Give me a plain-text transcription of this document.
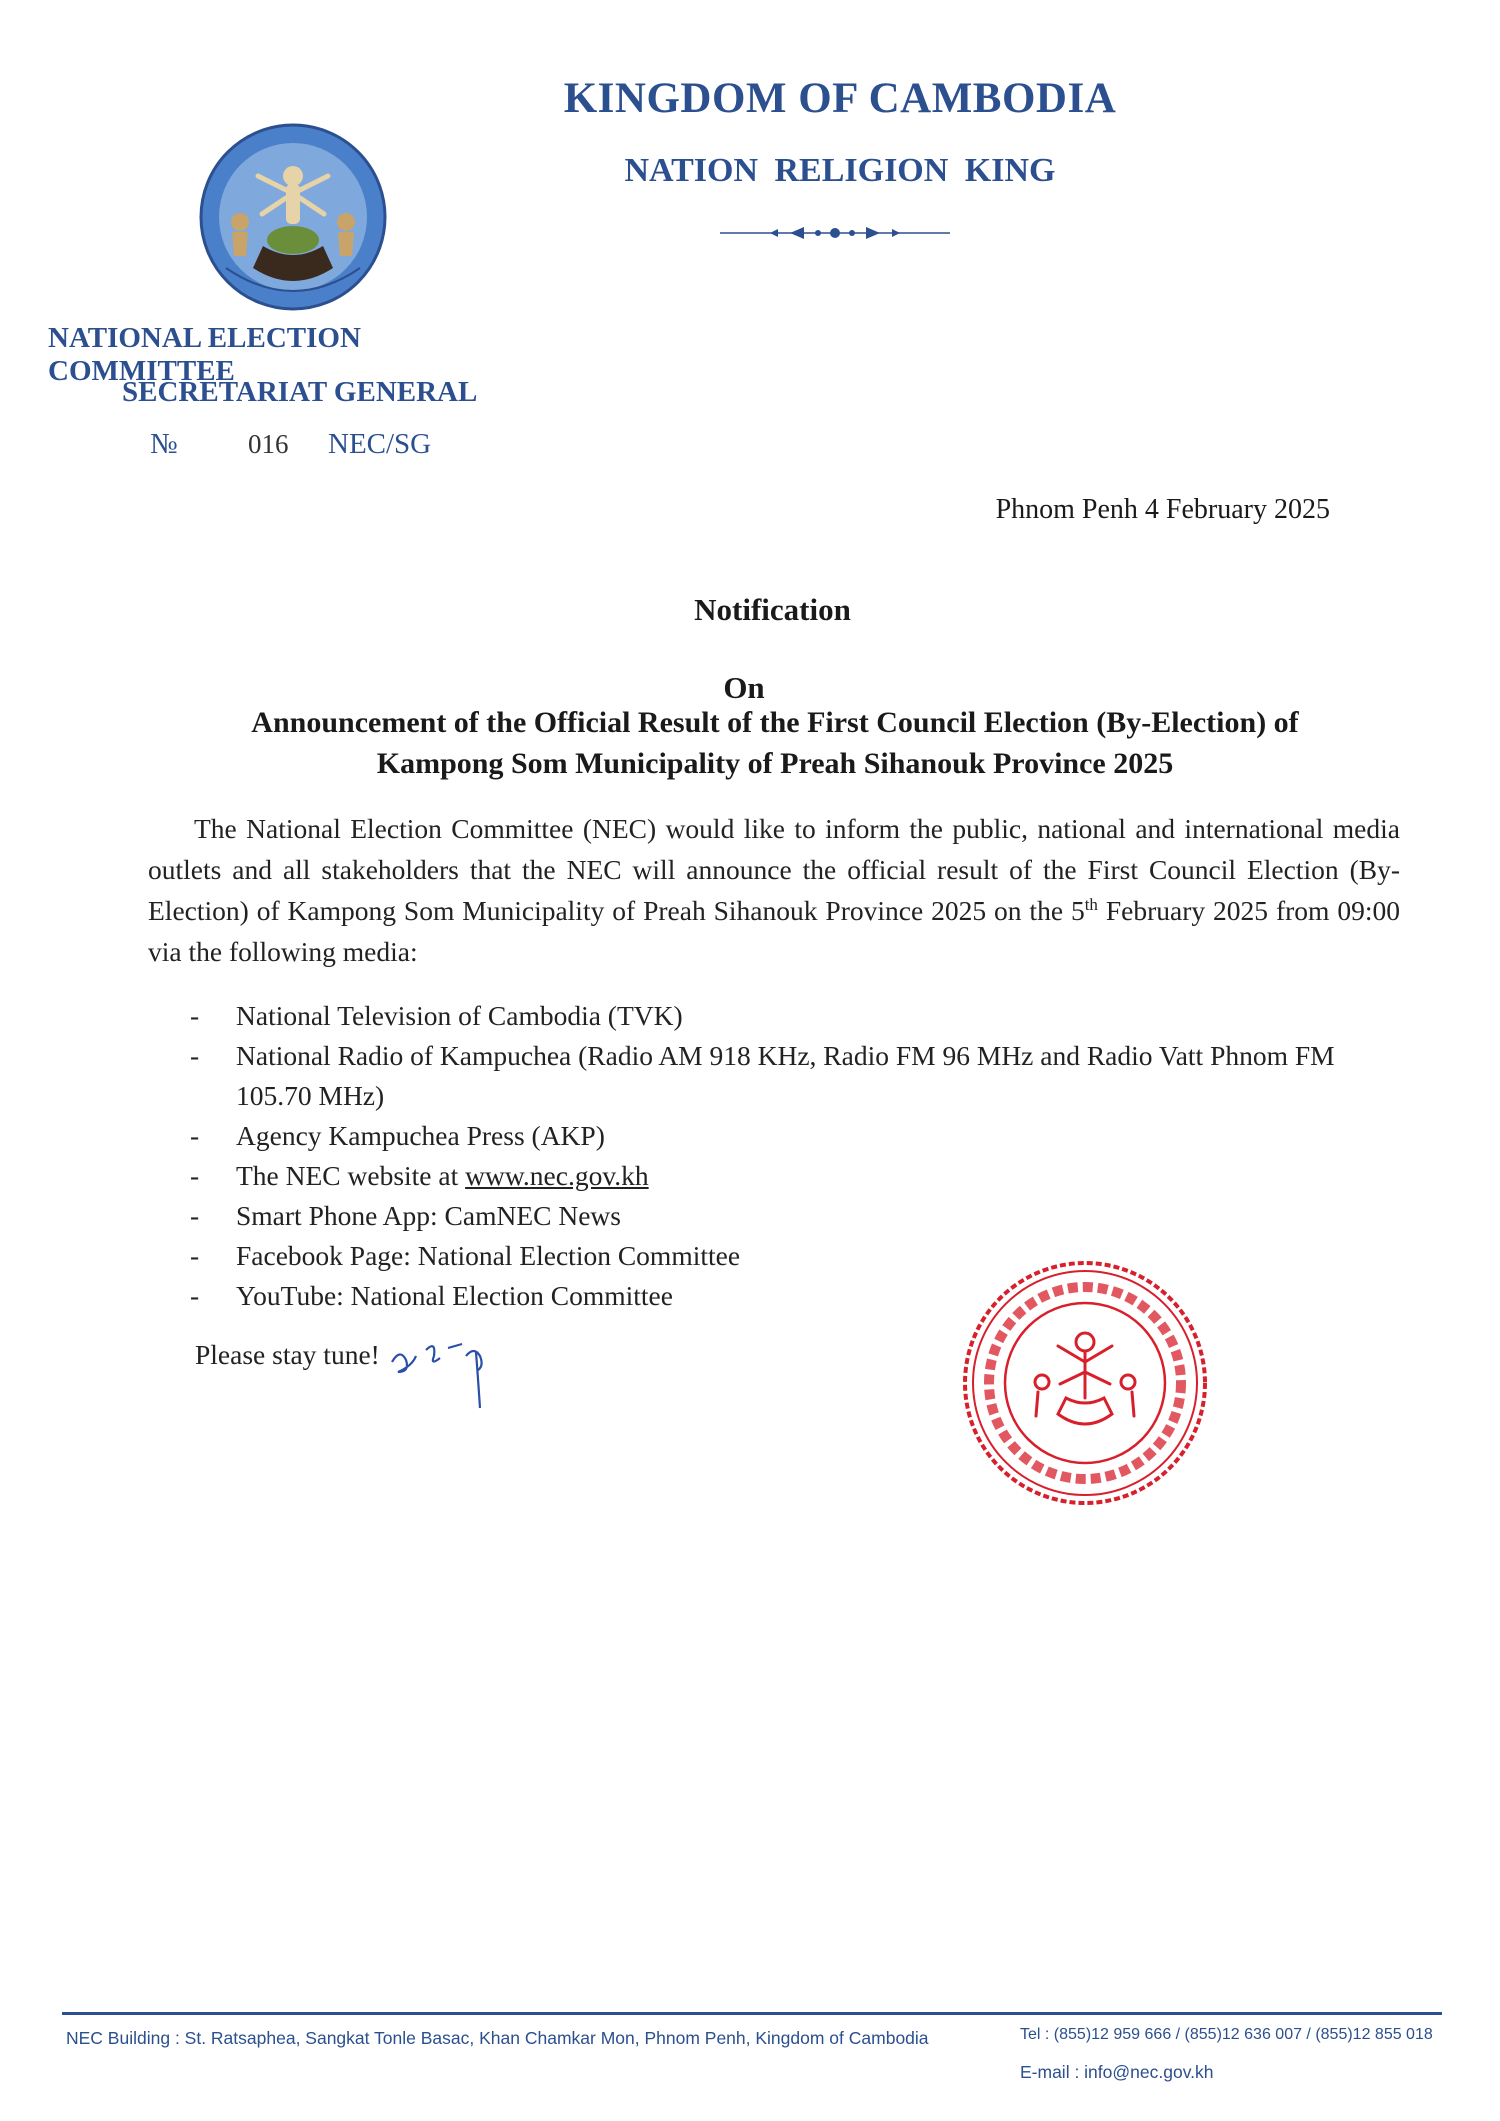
KINGDOM OF CAMBODIA
NATION RELIGION KING
NATIONAL ELECTION COMMITTEE
SECRETARIAT GENERAL
№	016 NEC/SG
Phnom Penh 4 February 2025
Notification
On
Announcement of the Official Result of the First Council Election (By-Election) of
Kampong Som Municipality of Preah Sihanouk Province 2025
The National Election Committee (NEC) would like to inform the public, national and international media outlets and all stakeholders that the NEC will announce the official result of the First Council Election (By-Election) of Kampong Som Municipality of Preah Sihanouk Province 2025 on the 5th February 2025 from 09:00 via the following media:
- National Television of Cambodia (TVK)
- National Radio of Kampuchea (Radio AM 918 KHz, Radio FM 96 MHz and Radio Vatt Phnom FM 105.70 MHz)
- Agency Kampuchea Press (AKP)
- The NEC website at www.nec.gov.kh
- Smart Phone App: CamNEC News
- Facebook Page: National Election Committee
- YouTube: National Election Committee
Please stay tune!
NEC Building : St. Ratsaphea, Sangkat Tonle Basac, Khan Chamkar Mon, Phnom Penh, Kingdom of Cambodia	Tel : (855)12 959 666 / (855)12 636 007 / (855)12 855 018
E-mail : info@nec.gov.kh
